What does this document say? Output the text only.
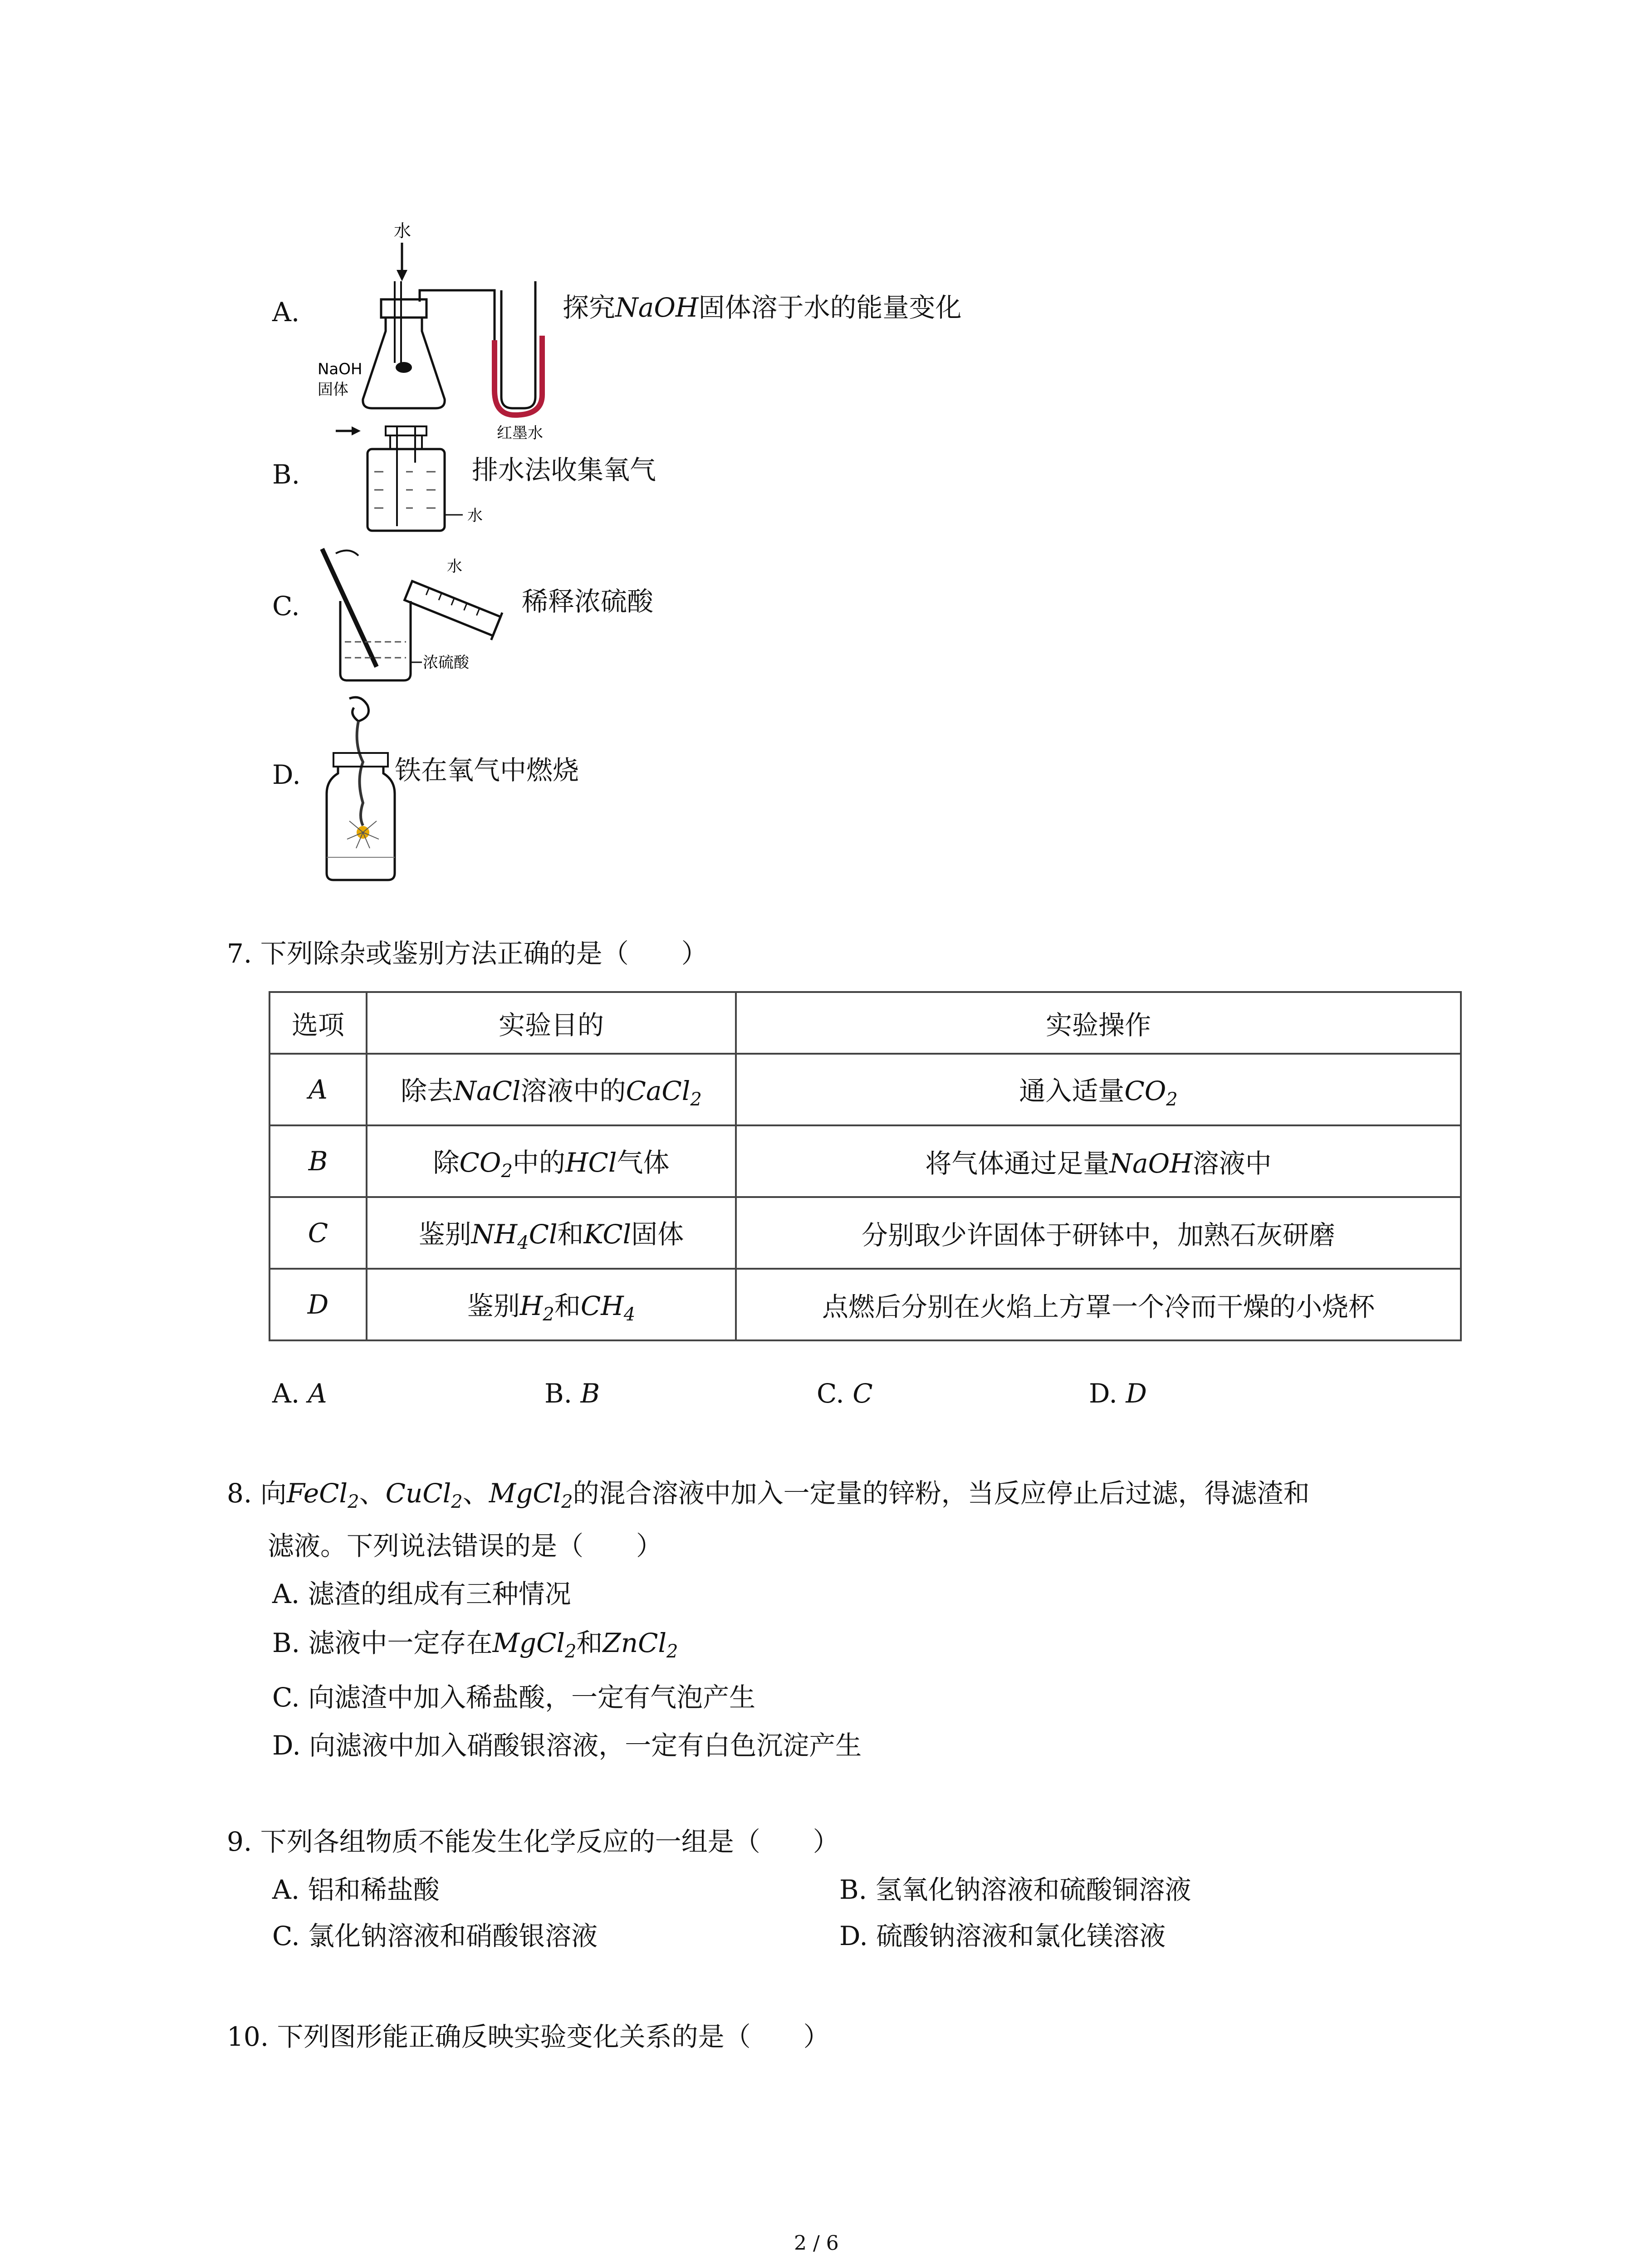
A.
水
NaOH
固体
红墨水
探究NaOH固体溶于水的能量变化
B.
水
排水法收集氧气
C.
水
浓硫酸
稀释浓硫酸
D.	铁在氧气中燃烧
7. 下列除杂或鉴别方法正确的是（　　）
选项	实验目的	实验操作
A	除去NaCl溶液中的CaCl$_2$	通入适量$CO_2$
B	除$CO_2$中的HCl气体	将气体通过足量NaOH溶液中
C	鉴别$NH_4Cl$和KCl固体	分别取少许固体于研钵中，加熟石灰研磨
D	鉴别$H_2$和$CH_4$	点燃后分别在火焰上方罩一个冷而干燥的小烧杯
A. A	B. B	C. C	D. D
8. 向FeCl$_2$、CuCl$_2$、MgCl$_2$的混合溶液中加入一定量的锌粉，当反应停止后过滤，得滤渣和
滤液。下列说法错误的是（　　）
A. 滤渣的组成有三种情况
B. 滤液中一定存在MgCl$_2$和ZnCl$_2$
C. 向滤渣中加入稀盐酸，一定有气泡产生
D. 向滤液中加入硝酸银溶液，一定有白色沉淀产生
9. 下列各组物质不能发生化学反应的一组是（　　）
A. 铝和稀盐酸	B. 氢氧化钠溶液和硫酸铜溶液
C. 氯化钠溶液和硝酸银溶液	D. 硫酸钠溶液和氯化镁溶液
10. 下列图形能正确反映实验变化关系的是（　　）
2 / 6
